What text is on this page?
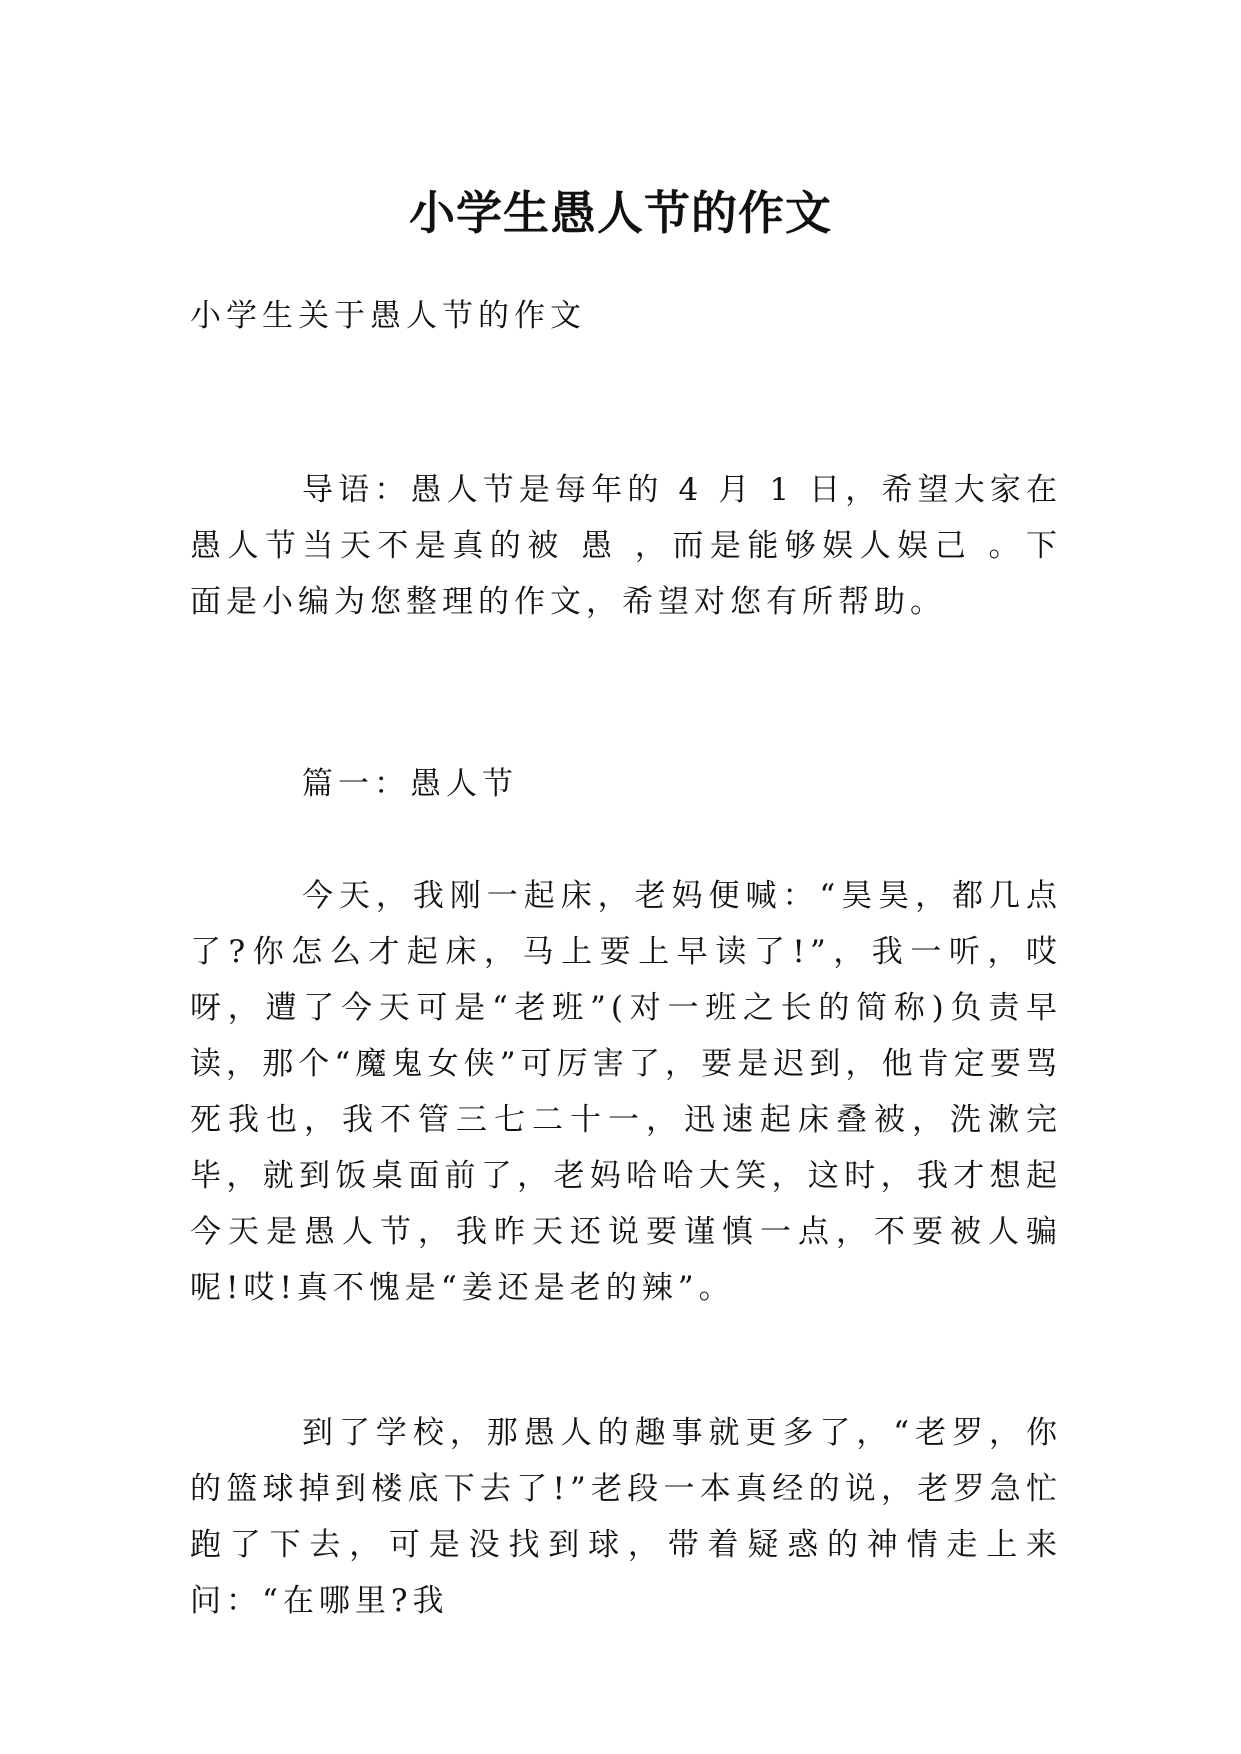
小学生愚人节的作文

小学生关于愚人节的作文

导语：愚人节是每年的 4 月 1 日，希望大家在愚人节当天不是真的被 愚 ，而是能够娱人娱己 。下面是小编为您整理的作文，希望对您有所帮助。

篇一：愚人节

今天，我刚一起床，老妈便喊：“昊昊，都几点了?你怎么才起床，马上要上早读了!”，我一听，哎呀，遭了今天可是“老班”(对一班之长的简称)负责早读，那个“魔鬼女侠”可厉害了，要是迟到，他肯定要骂死我也，我不管三七二十一，迅速起床叠被，洗漱完毕，就到饭桌面前了，老妈哈哈大笑，这时，我才想起今天是愚人节，我昨天还说要谨慎一点，不要被人骗呢!哎!真不愧是“姜还是老的辣”。

到了学校，那愚人的趣事就更多了，“老罗，你的篮球掉到楼底下去了!”老段一本真经的说，老罗急忙跑了下去，可是没找到球，带着疑惑的神情走上来问：“在哪里?我
